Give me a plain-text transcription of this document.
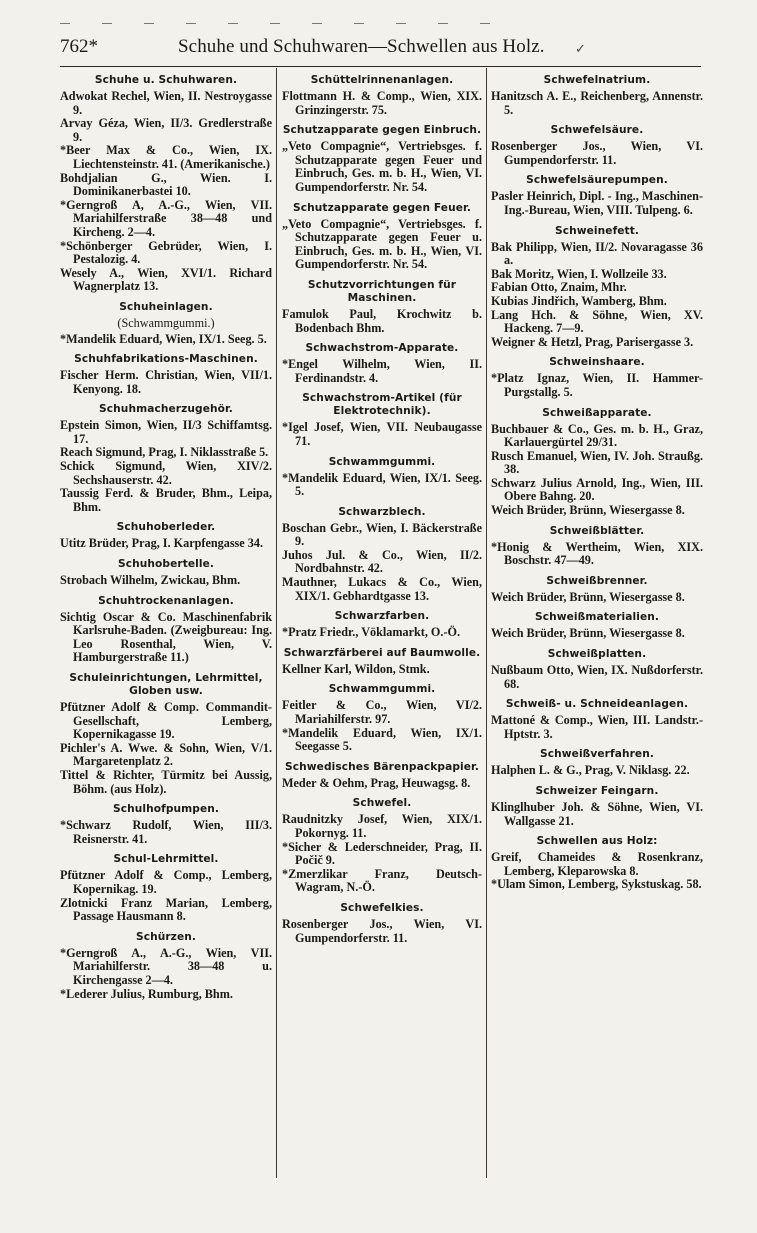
762*	Schuhe und Schuhwaren—Schwellen aus Holz. ✓
Schuhe u. Schuhwaren.
Adwokat Rechel, Wien, II. Nestroygasse 9.
Arvay Géza, Wien, II/3. Gredlerstraße 9.
*Beer Max & Co., Wien, IX. Liechtensteinstr. 41. (Amerikanische.)
Bohdjalian G., Wien. I. Dominikanerbastei 10.
*Gerngroß A, A.-G., Wien, VII. Mariahilferstraße 38—48 und Kircheng. 2—4.
*Schönberger Gebrüder, Wien, I. Pestalozig. 4.
Wesely A., Wien, XVI/1. Richard Wagnerplatz 13.
Schuheinlagen.
(Schwammgummi.)
*Mandelik Eduard, Wien, IX/1. Seeg. 5.
Schuhfabrikations-Maschinen.
Fischer Herm. Christian, Wien, VII/1. Kenyong. 18.
Schuhmacherzugehör.
Epstein Simon, Wien, II/3 Schiffamtsg. 17.
Reach Sigmund, Prag, I. Niklasstraße 5.
Schick Sigmund, Wien, XIV/2. Sechshauserstr. 42.
Taussig Ferd. & Bruder, Bhm., Leipa, Bhm.
Schuhoberleder.
Utitz Brüder, Prag, I. Karpfengasse 34.
Schuhobertelle.
Strobach Wilhelm, Zwickau, Bhm.
Schuhtrockenanlagen.
Sichtig Oscar & Co. Maschinenfabrik Karlsruhe-Baden. (Zweigbureau: Ing. Leo Rosenthal, Wien, V. Hamburgerstraße 11.)
Schuleinrichtungen, Lehrmittel, Globen usw.
Pfützner Adolf & Comp. Commandit-Gesellschaft, Lemberg, Kopernikagasse 19.
Pichler's A. Wwe. & Sohn, Wien, V/1. Margaretenplatz 2.
Tittel & Richter, Türmitz bei Aussig, Böhm. (aus Holz).
Schulhofpumpen.
*Schwarz Rudolf, Wien, III/3. Reisnerstr. 41.
Schul-Lehrmittel.
Pfützner Adolf & Comp., Lemberg, Kopernikag. 19.
Zlotnicki Franz Marian, Lemberg, Passage Hausmann 8.
Schürzen.
*Gerngroß A., A.-G., Wien, VII. Mariahilferstr. 38—48 u. Kirchengasse 2—4.
*Lederer Julius, Rumburg, Bhm.
Schüttelrinnenanlagen.
Flottmann H. & Comp., Wien, XIX. Grinzingerstr. 75.
Schutzapparate gegen Einbruch.
„Veto Compagnie“, Vertriebsges. f. Schutzapparate gegen Feuer und Einbruch, Ges. m. b. H., Wien, VI. Gumpendorferstr. Nr. 54.
Schutzapparate gegen Feuer.
„Veto Compagnie“, Vertriebsges. f. Schutzapparate gegen Feuer u. Einbruch, Ges. m. b. H., Wien, VI. Gumpendorferstr. Nr. 54.
Schutzvorrichtungen für Maschinen.
Famulok Paul, Krochwitz b. Bodenbach Bhm.
Schwachstrom-Apparate.
*Engel Wilhelm, Wien, II. Ferdinandstr. 4.
Schwachstrom-Artikel (für Elektrotechnik).
*Igel Josef, Wien, VII. Neubaugasse 71.
Schwammgummi.
*Mandelik Eduard, Wien, IX/1. Seeg. 5.
Schwarzblech.
Boschan Gebr., Wien, I. Bäckerstraße 9.
Juhos Jul. & Co., Wien, II/2. Nordbahnstr. 42.
Mauthner, Lukacs & Co., Wien, XIX/1. Gebhardtgasse 13.
Schwarzfarben.
*Pratz Friedr., Vöklamarkt, O.-Ö.
Schwarzfärberei auf Baumwolle.
Kellner Karl, Wildon, Stmk.
Schwammgummi.
Feitler & Co., Wien, VI/2. Mariahilferstr. 97.
*Mandelik Eduard, Wien, IX/1. Seegasse 5.
Schwedisches Bärenpackpapier.
Meder & Oehm, Prag, Heuwagsg. 8.
Schwefel.
Raudnitzky Josef, Wien, XIX/1. Pokornyg. 11.
*Sicher & Lederschneider, Prag, II. Počič 9.
*Zmerzlikar Franz, Deutsch-Wagram, N.-Ö.
Schwefelkies.
Rosenberger Jos., Wien, VI. Gumpendorferstr. 11.
Schwefelnatrium.
Hanitzsch A. E., Reichenberg, Annenstr. 5.
Schwefelsäure.
Rosenberger Jos., Wien, VI. Gumpendorferstr. 11.
Schwefelsäurepumpen.
Pasler Heinrich, Dipl. - Ing., Maschinen-Ing.-Bureau, Wien, VIII. Tulpeng. 6.
Schweinefett.
Bak Philipp, Wien, II/2. Novaragasse 36 a.
Bak Moritz, Wien, I. Wollzeile 33.
Fabian Otto, Znaim, Mhr.
Kubias Jindřich, Wamberg, Bhm.
Lang Hch. & Söhne, Wien, XV. Hackeng. 7—9.
Weigner & Hetzl, Prag, Parisergasse 3.
Schweinshaare.
*Platz Ignaz, Wien, II. Hammer-Purgstallg. 5.
Schweißapparate.
Buchbauer & Co., Ges. m. b. H., Graz, Karlauergürtel 29/31.
Rusch Emanuel, Wien, IV. Joh. Straußg. 38.
Schwarz Julius Arnold, Ing., Wien, III. Obere Bahng. 20.
Weich Brüder, Brünn, Wiesergasse 8.
Schweißblätter.
*Honig & Wertheim, Wien, XIX. Boschstr. 47—49.
Schweißbrenner.
Weich Brüder, Brünn, Wiesergasse 8.
Schweißmaterialien.
Weich Brüder, Brünn, Wiesergasse 8.
Schweißplatten.
Nußbaum Otto, Wien, IX. Nußdorferstr. 68.
Schweiß- u. Schneideanlagen.
Mattoné & Comp., Wien, III. Landstr.-Hptstr. 3.
Schweißverfahren.
Halphen L. & G., Prag, V. Niklasg. 22.
Schweizer Feingarn.
Klinglhuber Joh. & Söhne, Wien, VI. Wallgasse 21.
Schwellen aus Holz:
Greif, Chameides & Rosenkranz, Lemberg, Kleparowska 8.
*Ulam Simon, Lemberg, Sykstuskag. 58.
